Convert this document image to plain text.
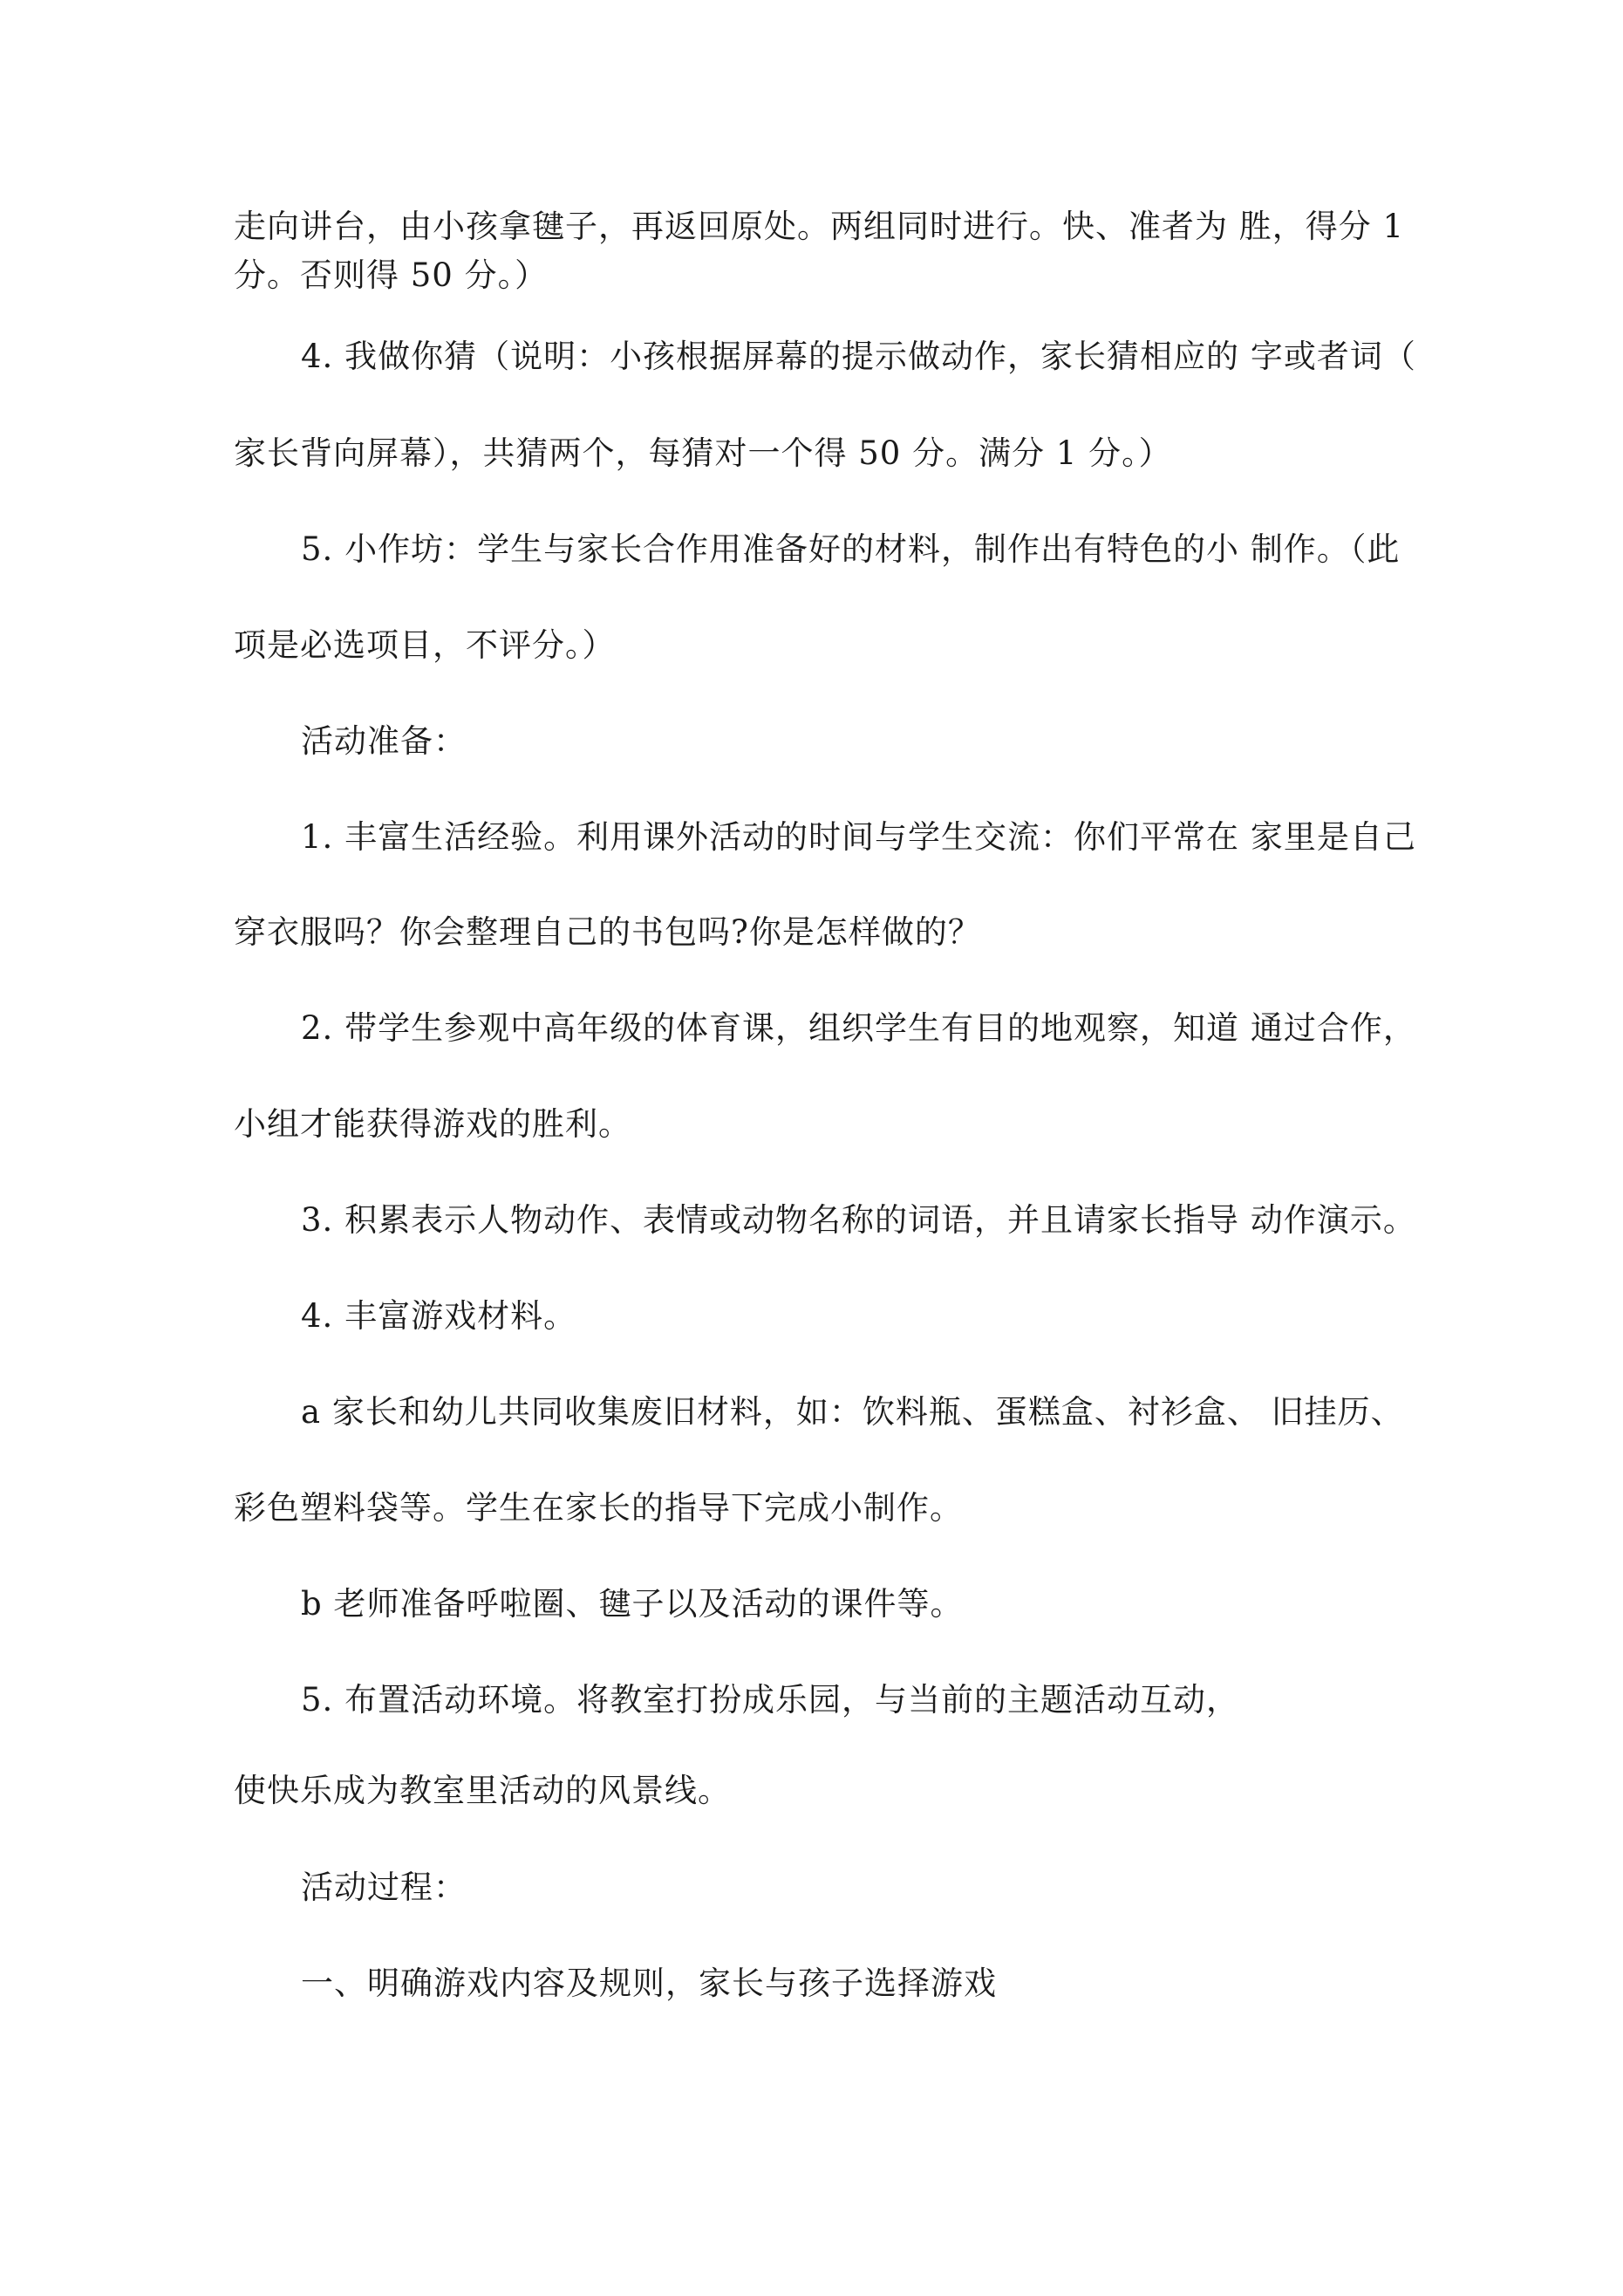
走向讲台，由小孩拿毽子，再返回原处。两组同时进行。快、准者为 胜，得分 1
分。否则得 50 分。）
4. 我做你猜（说明：小孩根据屏幕的提示做动作，家长猜相应的 字或者词（
家长背向屏幕），共猜两个，每猜对一个得 50 分。满分 1 分。）
5. 小作坊：学生与家长合作用准备好的材料，制作出有特色的小 制作。（此
项是必选项目，不评分。）
活动准备：
1. 丰富生活经验。利用课外活动的时间与学生交流：你们平常在 家里是自己
穿衣服吗？你会整理自己的书包吗?你是怎样做的？
2. 带学生参观中高年级的体育课，组织学生有目的地观察，知道 通过合作，
小组才能获得游戏的胜利。
3. 积累表示人物动作、表情或动物名称的词语，并且请家长指导 动作演示。
4. 丰富游戏材料。
a 家长和幼儿共同收集废旧材料，如：饮料瓶、蛋糕盒、衬衫盒、 旧挂历、
彩色塑料袋等。学生在家长的指导下完成小制作。
b 老师准备呼啦圈、毽子以及活动的课件等。
5. 布置活动环境。将教室打扮成乐园，与当前的主题活动互动，
使快乐成为教室里活动的风景线。
活动过程：
一、明确游戏内容及规则，家长与孩子选择游戏
